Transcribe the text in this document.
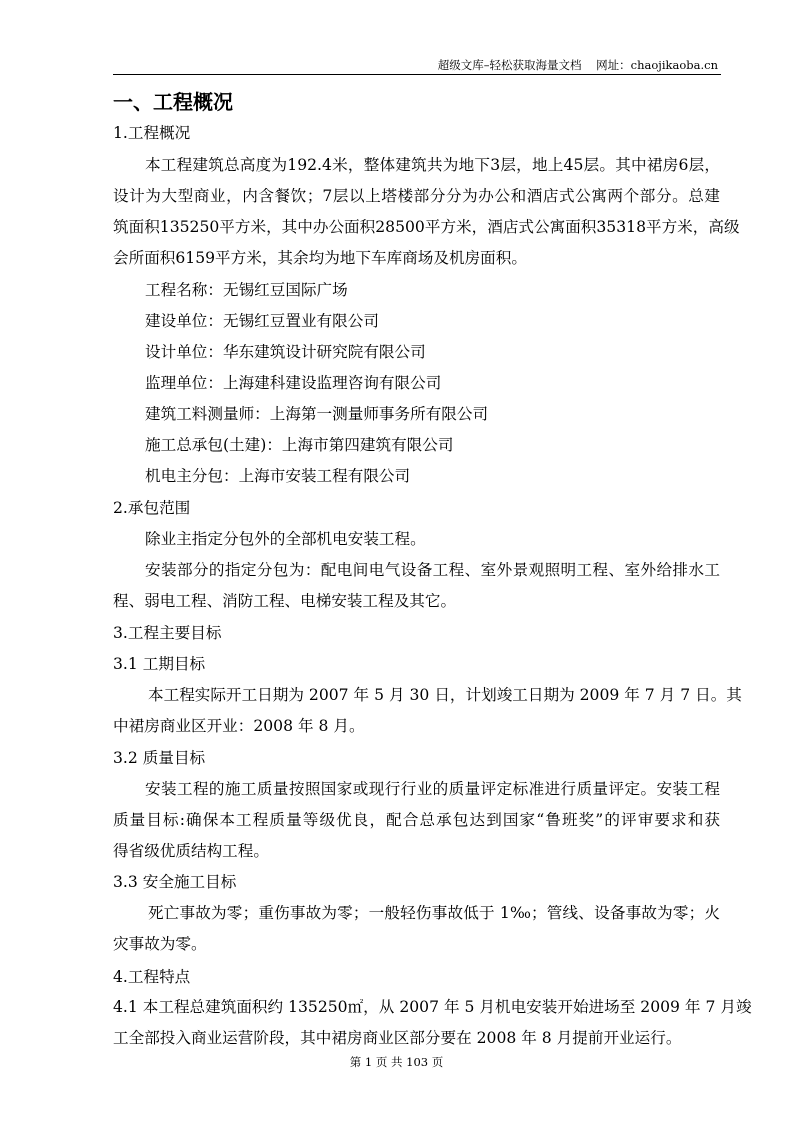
超级文库–轻松获取海量文档    网址：chaojikaoba.cn
一、工程概况
1.工程概况
本工程建筑总高度为192.4米，整体建筑共为地下3层，地上45层。其中裙房6层，
设计为大型商业，内含餐饮；7层以上塔楼部分分为办公和酒店式公寓两个部分。总建
筑面积135250平方米，其中办公面积28500平方米，酒店式公寓面积35318平方米，高级
会所面积6159平方米，其余均为地下车库商场及机房面积。
工程名称：无锡红豆国际广场
建设单位：无锡红豆置业有限公司
设计单位：华东建筑设计研究院有限公司
监理单位：上海建科建设监理咨询有限公司
建筑工料测量师：上海第一测量师事务所有限公司
施工总承包(土建)：上海市第四建筑有限公司
机电主分包：上海市安装工程有限公司
2.承包范围
除业主指定分包外的全部机电安装工程。
安装部分的指定分包为：配电间电气设备工程、室外景观照明工程、室外给排水工
程、弱电工程、消防工程、电梯安装工程及其它。
3.工程主要目标
3.1 工期目标
本工程实际开工日期为 2007 年 5 月 30 日，计划竣工日期为 2009 年 7 月 7 日。其
中裙房商业区开业：2008 年 8 月。
3.2 质量目标
安装工程的施工质量按照国家或现行行业的质量评定标准进行质量评定。安装工程
质量目标:确保本工程质量等级优良，配合总承包达到国家“鲁班奖”的评审要求和获
得省级优质结构工程。
3.3 安全施工目标
死亡事故为零；重伤事故为零；一般轻伤事故低于 1‰；管线、设备事故为零；火
灾事故为零。
4.工程特点
4.1 本工程总建筑面积约 135250㎡，从 2007 年 5 月机电安装开始进场至 2009 年 7 月竣
工全部投入商业运营阶段，其中裙房商业区部分要在 2008 年 8 月提前开业运行。
第 1 页 共 103 页
